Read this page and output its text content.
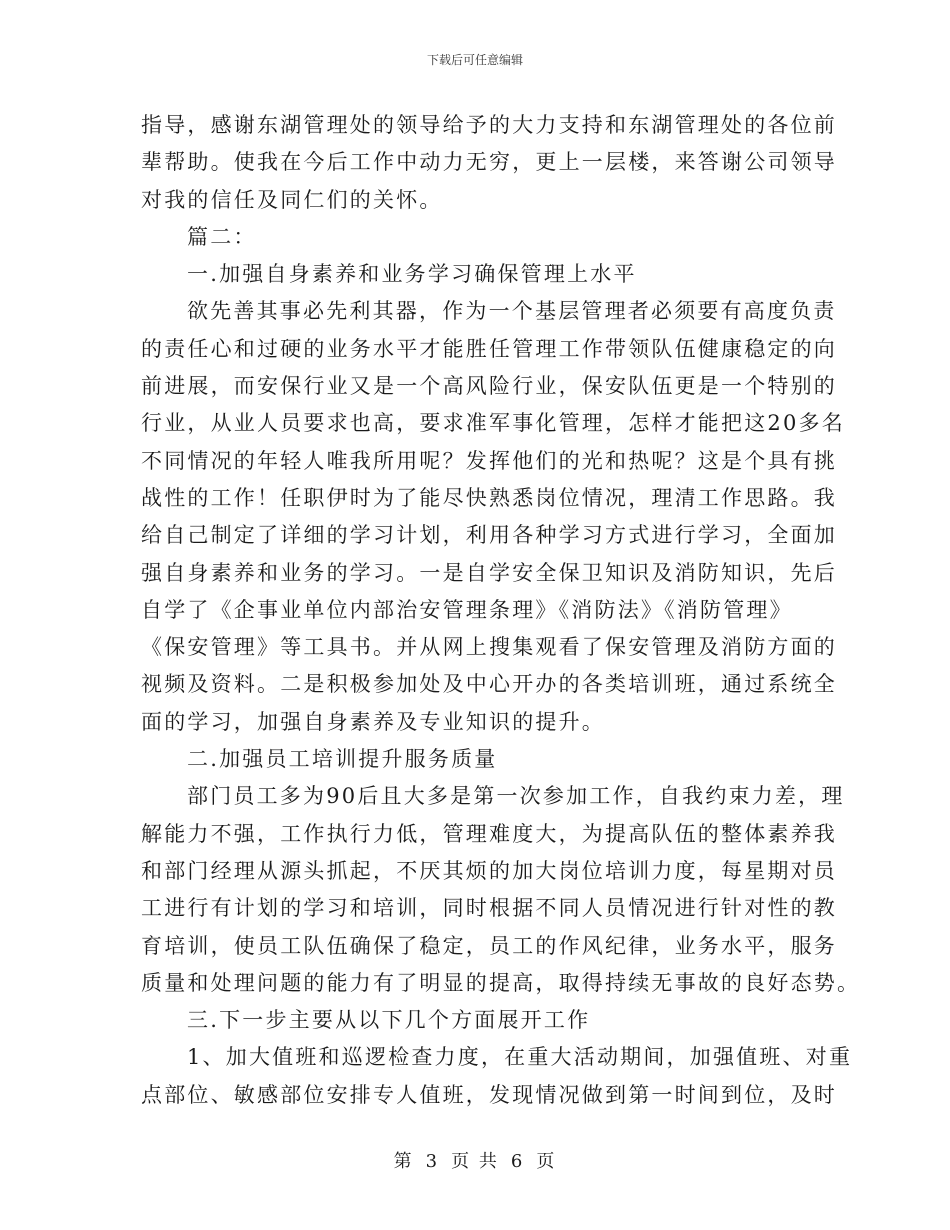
下载后可任意编辑
指导，感谢东湖管理处的领导给予的大力支持和东湖管理处的各位前
辈帮助。使我在今后工作中动力无穷，更上一层楼，来答谢公司领导
对我的信任及同仁们的关怀。
篇二：
一.加强自身素养和业务学习确保管理上水平
欲先善其事必先利其器，作为一个基层管理者必须要有高度负责
的责任心和过硬的业务水平才能胜任管理工作带领队伍健康稳定的向
前进展，而安保行业又是一个高风险行业，保安队伍更是一个特别的
行业，从业人员要求也高，要求准军事化管理，怎样才能把这20多名
不同情况的年轻人唯我所用呢？发挥他们的光和热呢？这是个具有挑
战性的工作！任职伊时为了能尽快熟悉岗位情况，理清工作思路。我
给自己制定了详细的学习计划，利用各种学习方式进行学习，全面加
强自身素养和业务的学习。一是自学安全保卫知识及消防知识，先后
自学了《企事业单位内部治安管理条理》《消防法》《消防管理》
《保安管理》等工具书。并从网上搜集观看了保安管理及消防方面的
视频及资料。二是积极参加处及中心开办的各类培训班，通过系统全
面的学习，加强自身素养及专业知识的提升。
二.加强员工培训提升服务质量
部门员工多为90后且大多是第一次参加工作，自我约束力差，理
解能力不强，工作执行力低，管理难度大，为提高队伍的整体素养我
和部门经理从源头抓起，不厌其烦的加大岗位培训力度，每星期对员
工进行有计划的学习和培训，同时根据不同人员情况进行针对性的教
育培训，使员工队伍确保了稳定，员工的作风纪律，业务水平，服务
质量和处理问题的能力有了明显的提高，取得持续无事故的良好态势。
三.下一步主要从以下几个方面展开工作
1、加大值班和巡逻检查力度，在重大活动期间，加强值班、对重
点部位、敏感部位安排专人值班，发现情况做到第一时间到位，及时
第 3 页 共 6 页
